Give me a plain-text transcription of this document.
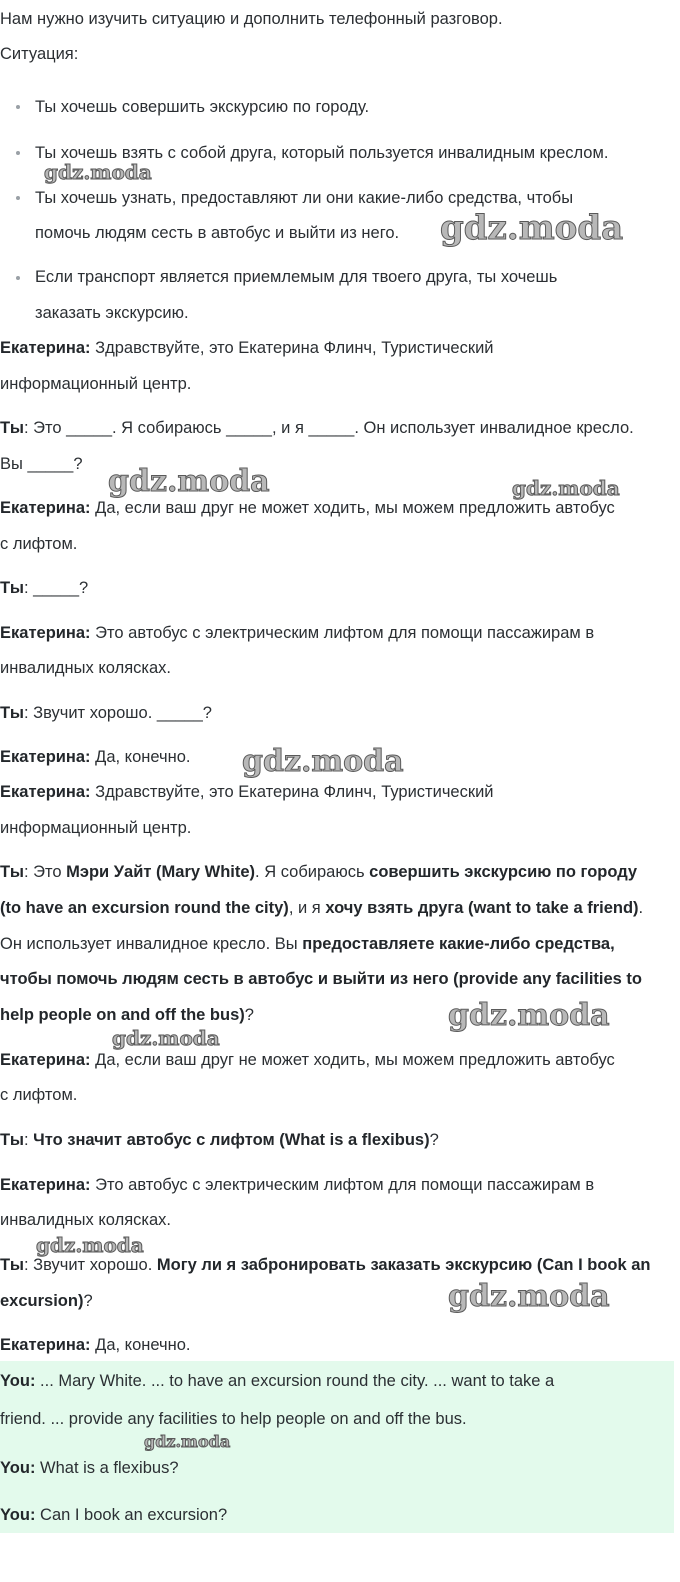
Нам нужно изучить ситуацию и дополнить телефонный разговор.
Ситуация:
Ты хочешь совершить экскурсию по городу.
Ты хочешь взять с собой друга, который пользуется инвалидным креслом.
Ты хочешь узнать, предоставляют ли они какие-либо средства, чтобы
помочь людям сесть в автобус и выйти из него.
Если транспорт является приемлемым для твоего друга, ты хочешь
заказать экскурсию.
Екатерина: Здравствуйте, это Екатерина Флинч, Туристический
информационный центр.
Ты: Это _____. Я собираюсь _____, и я _____. Он использует инвалидное кресло.
Вы _____?
Екатерина: Да, если ваш друг не может ходить, мы можем предложить автобус
с лифтом.
Ты: _____?
Екатерина: Это автобус с электрическим лифтом для помощи пассажирам в
инвалидных колясках.
Ты: Звучит хорошо. _____?
Екатерина: Да, конечно.
Екатерина: Здравствуйте, это Екатерина Флинч, Туристический
информационный центр.
Ты: Это Мэри Уайт (Mary White). Я собираюсь совершить экскурсию по городу
(to have an excursion round the city), и я хочу взять друга (want to take a friend).
Он использует инвалидное кресло. Вы предоставляете какие-либо средства,
чтобы помочь людям сесть в автобус и выйти из него (provide any facilities to
help people on and off the bus)?
Екатерина: Да, если ваш друг не может ходить, мы можем предложить автобус
с лифтом.
Ты: Что значит автобус с лифтом (What is a flexibus)?
Екатерина: Это автобус с электрическим лифтом для помощи пассажирам в
инвалидных колясках.
Ты: Звучит хорошо. Могу ли я забронировать заказать экскурсию (Can I book an
excursion)?
Екатерина: Да, конечно.
You: ... Mary White. ... to have an excursion round the city. ... want to take a
friend. ... provide any facilities to help people on and off the bus.
You: What is a flexibus?
You: Can I book an excursion?
gdz.moda
gdz.moda
gdz.moda	gdz.moda
gdz.moda
gdz.moda
gdz.moda
gdz.moda
gdz.moda
gdz.moda
